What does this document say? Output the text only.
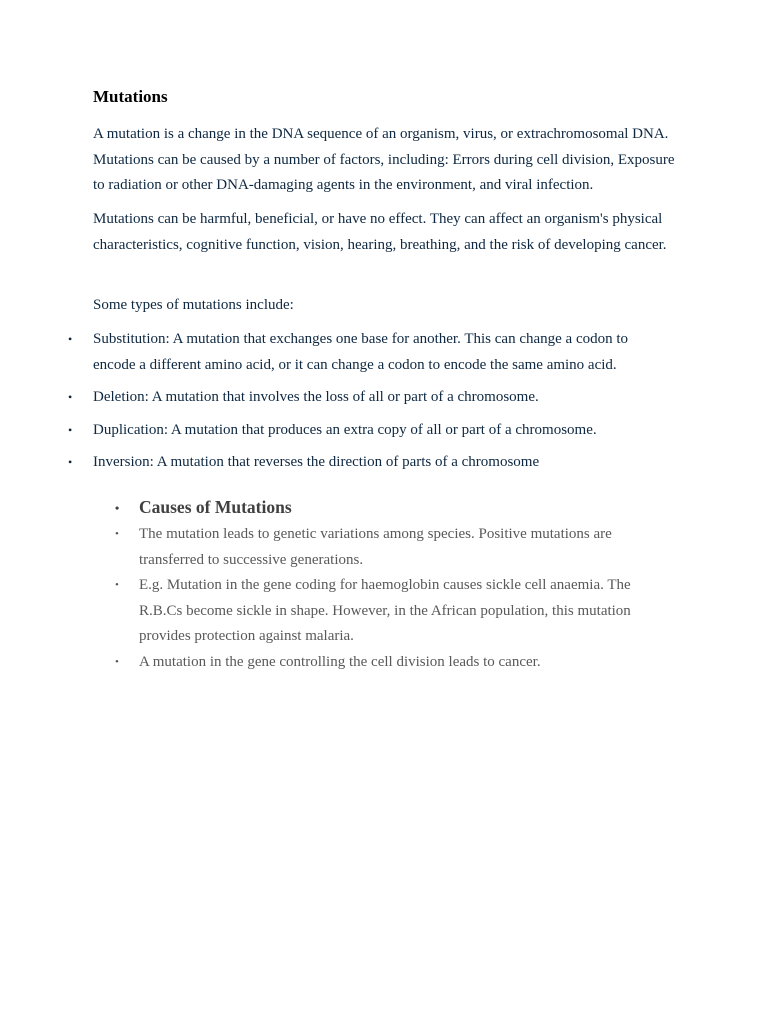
Mutations

A mutation is a change in the DNA sequence of an organism, virus, or extrachromosomal DNA. Mutations can be caused by a number of factors, including: Errors during cell division, Exposure to radiation or other DNA-damaging agents in the environment, and viral infection.

Mutations can be harmful, beneficial, or have no effect. They can affect an organism's physical characteristics, cognitive function, vision, hearing, breathing, and the risk of developing cancer.

Some types of mutations include:

• Substitution: A mutation that exchanges one base for another. This can change a codon to encode a different amino acid, or it can change a codon to encode the same amino acid.
• Deletion: A mutation that involves the loss of all or part of a chromosome.
• Duplication: A mutation that produces an extra copy of all or part of a chromosome.
• Inversion: A mutation that reverses the direction of parts of a chromosome
• Causes of Mutations
• The mutation leads to genetic variations among species. Positive mutations are transferred to successive generations.
• E.g. Mutation in the gene coding for haemoglobin causes sickle cell anaemia. The R.B.Cs become sickle in shape. However, in the African population, this mutation provides protection against malaria.
• A mutation in the gene controlling the cell division leads to cancer.
